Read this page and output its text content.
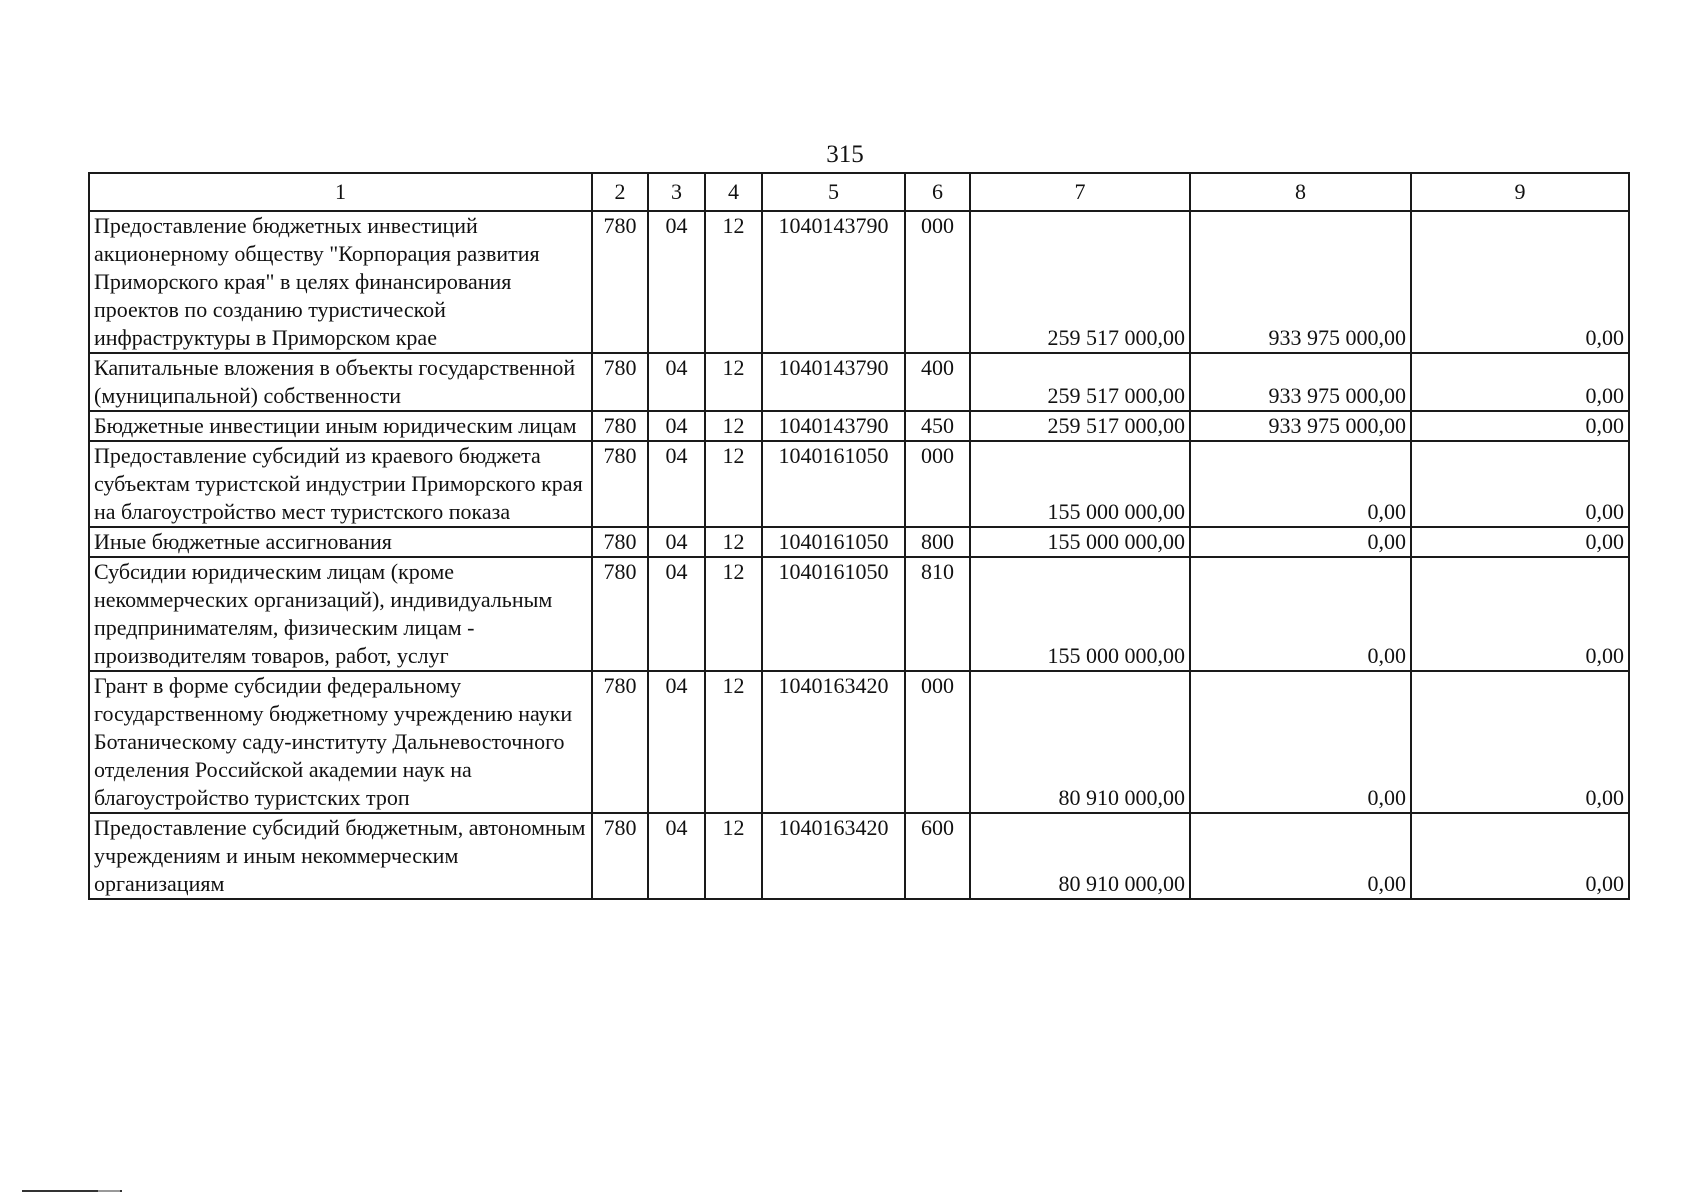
315
1	2	3	4	5	6	7	8	9
Предоставление бюджетных инвестиций акционерному обществу "Корпорация развития Приморского края" в целях финансирования проектов по созданию туристической инфраструктуры в Приморском крае	780	04	12	1040143790	000	259 517 000,00	933 975 000,00	0,00
Капитальные вложения в объекты государственной (муниципальной) собственности	780	04	12	1040143790	400	259 517 000,00	933 975 000,00	0,00
Бюджетные инвестиции иным юридическим лицам	780	04	12	1040143790	450	259 517 000,00	933 975 000,00	0,00
Предоставление субсидий из краевого бюджета субъектам туристской индустрии Приморского края на благоустройство мест туристского показа	780	04	12	1040161050	000	155 000 000,00	0,00	0,00
Иные бюджетные ассигнования	780	04	12	1040161050	800	155 000 000,00	0,00	0,00
Субсидии юридическим лицам (кроме некоммерческих организаций), индивидуальным предпринимателям, физическим лицам - производителям товаров, работ, услуг	780	04	12	1040161050	810	155 000 000,00	0,00	0,00
Грант в форме субсидии федеральному государственному бюджетному учреждению науки Ботаническому саду-институту Дальневосточного отделения Российской академии наук на благоустройство туристских троп	780	04	12	1040163420	000	80 910 000,00	0,00	0,00
Предоставление субсидий бюджетным, автономным учреждениям и иным некоммерческим организациям	780	04	12	1040163420	600	80 910 000,00	0,00	0,00
